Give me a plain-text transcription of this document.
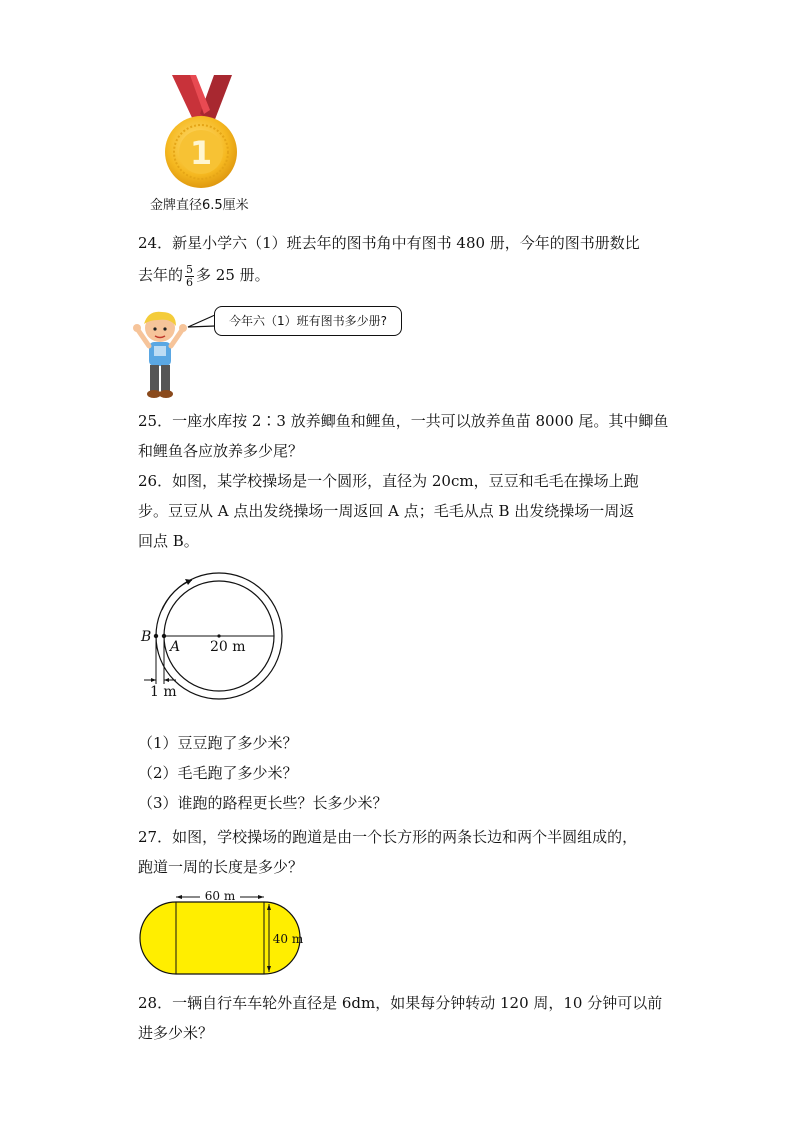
1
金牌直径6.5厘米
24．新星小学六（1）班去年的图书角中有图书 480 册，今年的图书册数比
去年的 $\frac{5}{6}$ 多 25 册。
今年六（1）班有图书多少册?
25．一座水库按 2∶3 放养鲫鱼和鲤鱼，一共可以放养鱼苗 8000 尾。其中鲫鱼
和鲤鱼各应放养多少尾？
26．如图，某学校操场是一个圆形，直径为 20cm，豆豆和毛毛在操场上跑
步。豆豆从 A 点出发绕操场一周返回 A 点；毛毛从点 B 出发绕操场一周返
回点 B。
B
A 20 m
1 m
（1）豆豆跑了多少米？
（2）毛毛跑了多少米？
（3）谁跑的路程更长些？长多少米？
27．如图，学校操场的跑道是由一个长方形的两条长边和两个半圆组成的，
跑道一周的长度是多少？
60 m
40 m
28．一辆自行车车轮外直径是 6dm，如果每分钟转动 120 周，10 分钟可以前
进多少米？
